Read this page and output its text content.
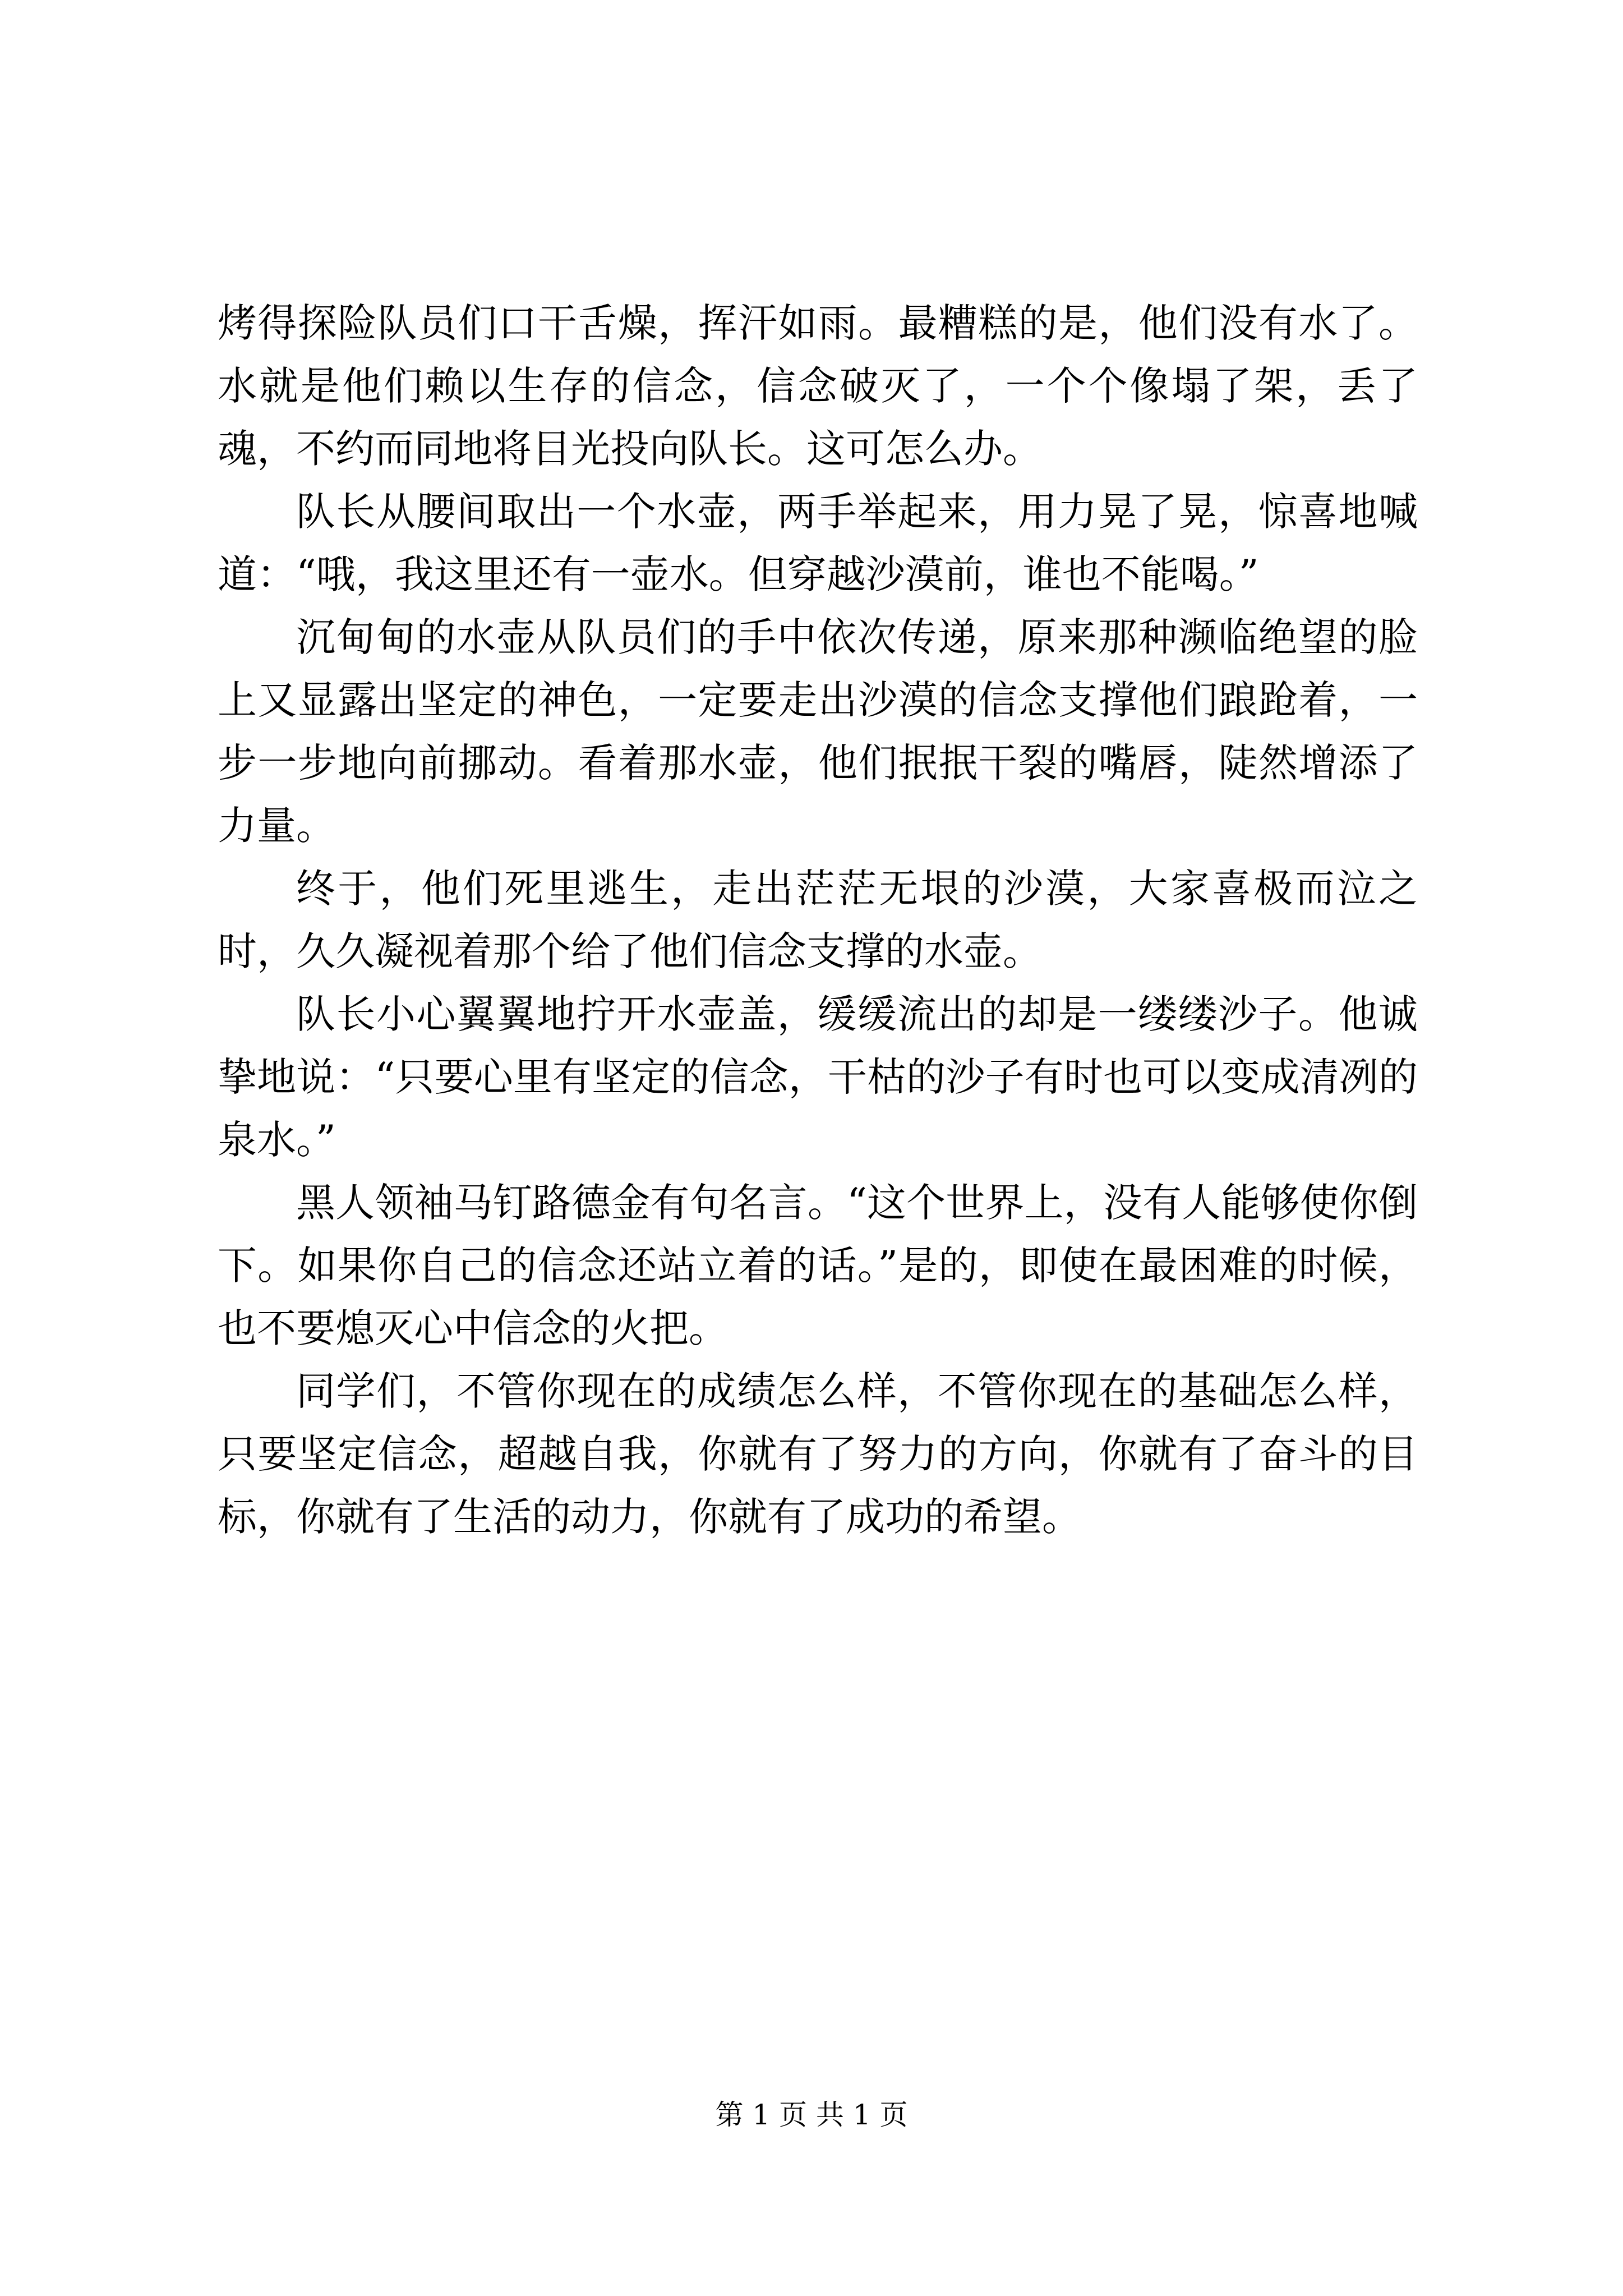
烤得探险队员们口干舌燥，挥汗如雨。最糟糕的是，他们没有水了。水就是他们赖以生存的信念，信念破灭了，一个个像塌了架，丢了魂，不约而同地将目光投向队长。这可怎么办。

队长从腰间取出一个水壶，两手举起来，用力晃了晃，惊喜地喊道：“哦，我这里还有一壶水。但穿越沙漠前，谁也不能喝。”

沉甸甸的水壶从队员们的手中依次传递，原来那种濒临绝望的脸上又显露出坚定的神色，一定要走出沙漠的信念支撑他们踉跄着，一步一步地向前挪动。看着那水壶，他们抿抿干裂的嘴唇，陡然增添了力量。

终于，他们死里逃生，走出茫茫无垠的沙漠，大家喜极而泣之时，久久凝视着那个给了他们信念支撑的水壶。

队长小心翼翼地拧开水壶盖，缓缓流出的却是一缕缕沙子。他诚挚地说：“只要心里有坚定的信念，干枯的沙子有时也可以变成清冽的泉水。”

黑人领袖马钉路德金有句名言。“这个世界上，没有人能够使你倒下。如果你自己的信念还站立着的话。”是的，即使在最困难的时候，也不要熄灭心中信念的火把。

同学们，不管你现在的成绩怎么样，不管你现在的基础怎么样，只要坚定信念，超越自我，你就有了努力的方向，你就有了奋斗的目标，你就有了生活的动力，你就有了成功的希望。

第 1 页 共 1 页
